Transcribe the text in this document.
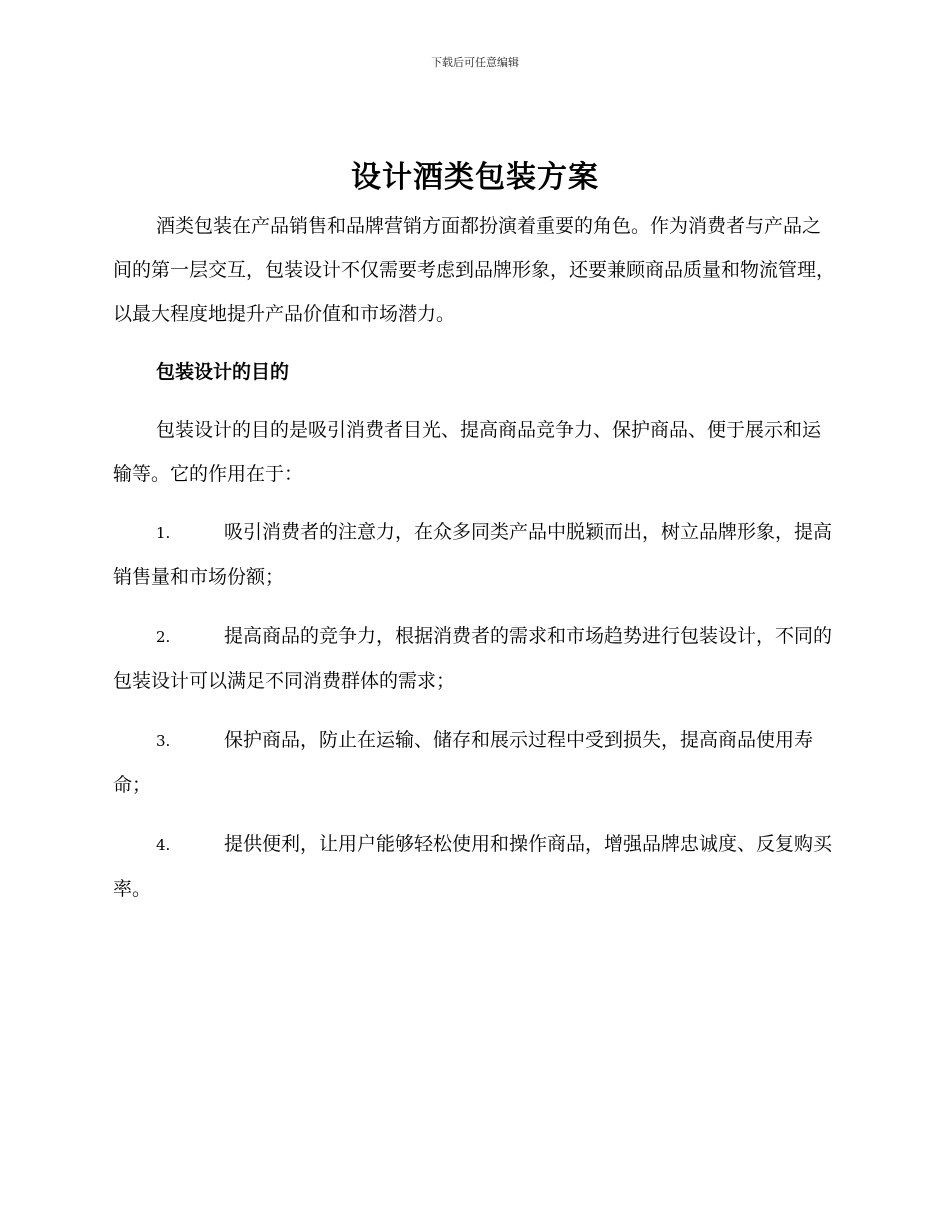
下载后可任意编辑
设计酒类包装方案

酒类包装在产品销售和品牌营销方面都扮演着重要的角色。作为消费者与产品之间的第一层交互，包装设计不仅需要考虑到品牌形象，还要兼顾商品质量和物流管理，以最大程度地提升产品价值和市场潜力。

包装设计的目的

包装设计的目的是吸引消费者目光、提高商品竞争力、保护商品、便于展示和运输等。它的作用在于：

1.	吸引消费者的注意力，在众多同类产品中脱颖而出，树立品牌形象，提高销售量和市场份额；
2.	提高商品的竞争力，根据消费者的需求和市场趋势进行包装设计，不同的包装设计可以满足不同消费群体的需求；
3.	保护商品，防止在运输、储存和展示过程中受到损失，提高商品使用寿命；
4.	提供便利，让用户能够轻松使用和操作商品，增强品牌忠诚度、反复购买率。
